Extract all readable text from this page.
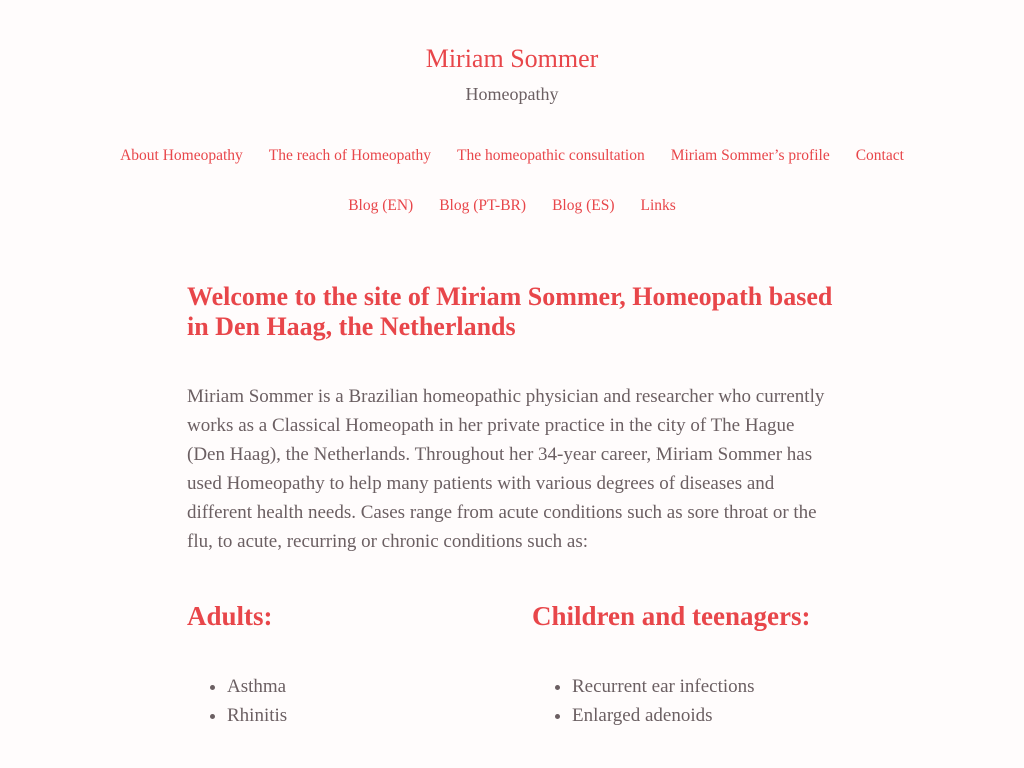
Miriam Sommer
Homeopathy
About Homeopathy	The reach of Homeopathy	The homeopathic consultation	Miriam Sommer’s profile	Contact
Blog (EN)	Blog (PT-BR)	Blog (ES)	Links
Welcome to the site of Miriam Sommer, Homeopath based in Den Haag, the Netherlands

Miriam Sommer is a Brazilian homeopathic physician and researcher who currently works as a Classical Homeopath in her private practice in the city of The Hague (Den Haag), the Netherlands. Throughout her 34-year career, Miriam Sommer has used Homeopathy to help many patients with various degrees of diseases and different health needs. Cases range from acute conditions such as sore throat or the flu, to acute, recurring or chronic conditions such as:

Adults:
• Asthma
• Rhinitis
Children and teenagers:
• Recurrent ear infections
• Enlarged adenoids
